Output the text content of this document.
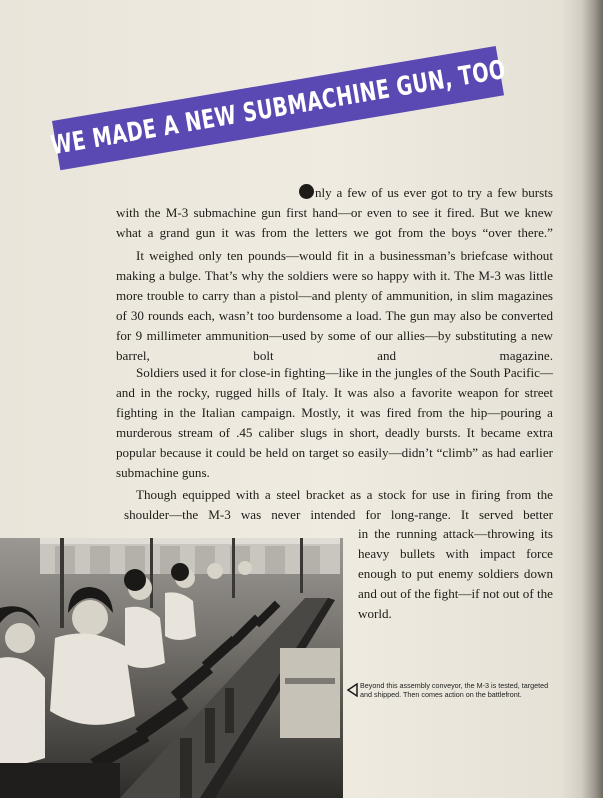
WE MADE A NEW SUBMACHINE GUN, TOO

nly a few of us ever got to try a few bursts with the M-3 submachine gun first hand—or even to see it fired. But we knew what a grand gun it was from the letters we got from the boys “over there.”

It weighed only ten pounds—would fit in a businessman’s briefcase without making a bulge. That’s why the soldiers were so happy with it. The M-3 was little more trouble to carry than a pistol—and plenty of ammunition, in slim magazines of 30 rounds each, wasn’t too burdensome a load. The gun may also be converted for 9 millimeter ammunition—used by some of our allies—by substituting a new barrel, bolt and magazine.

Soldiers used it for close-in fighting—like in the jungles of the South Pacific—and in the rocky, rugged hills of Italy. It was also a favorite weapon for street fighting in the Italian campaign. Mostly, it was fired from the hip—pouring a murderous stream of .45 caliber slugs in short, deadly bursts. It became extra popular because it could be held on target so easily—didn’t “climb” as had earlier submachine guns.

Though equipped with a steel bracket as a stock for use in firing from the shoulder—the M-3 was never intended for long-range. It served better

in the running attack—throwing its heavy bullets with impact force enough to put enemy soldiers down and out of the fight—if not out of the world.

Beyond this assembly conveyor, the M-3 is tested, targeted and shipped. Then comes action on the battlefront.
